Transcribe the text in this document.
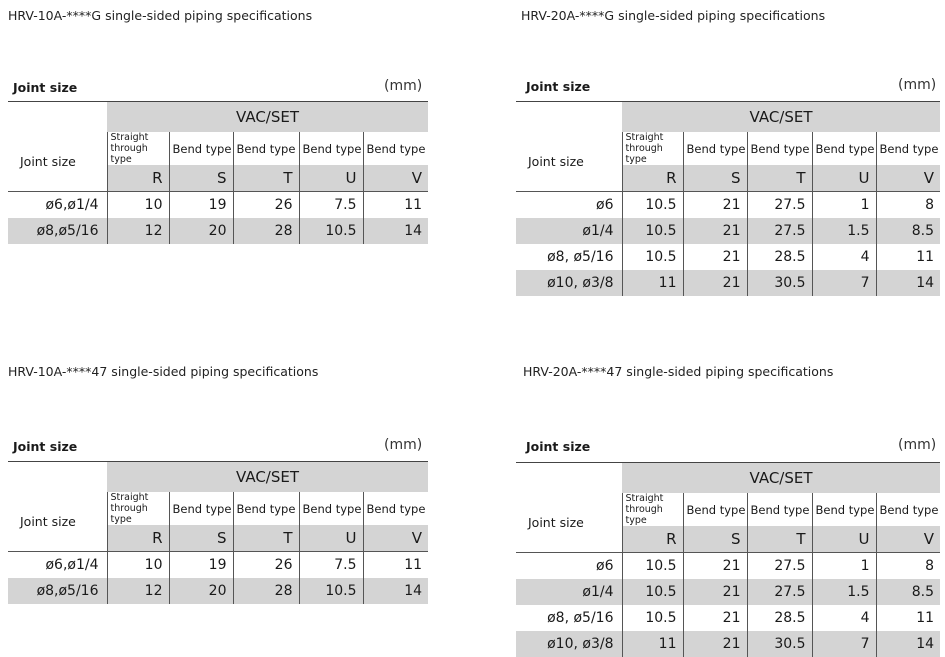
HRV-10A-****G single-sided piping specifications
Joint size	(mm)
	VAC/SET				
Joint size	Straight through type	Bend type	Bend type	Bend type	Bend type
	R	S	T	U	V
ø6,ø1/4	10	19	26	7.5	11
ø8,ø5/16	12	20	28	10.5	14
HRV-20A-****G single-sided piping specifications
Joint size	(mm)
	VAC/SET				
Joint size	Straight through type	Bend type	Bend type	Bend type	Bend type
	R	S	T	U	V
ø6	10.5	21	27.5	1	8
ø1/4	10.5	21	27.5	1.5	8.5
ø8, ø5/16	10.5	21	28.5	4	11
ø10, ø3/8	11	21	30.5	7	14
HRV-10A-****47 single-sided piping specifications
Joint size	(mm)
	VAC/SET				
Joint size	Straight through type	Bend type	Bend type	Bend type	Bend type
	R	S	T	U	V
ø6,ø1/4	10	19	26	7.5	11
ø8,ø5/16	12	20	28	10.5	14
HRV-20A-****47 single-sided piping specifications
Joint size	(mm)
	VAC/SET				
Joint size	Straight through type	Bend type	Bend type	Bend type	Bend type
	R	S	T	U	V
ø6	10.5	21	27.5	1	8
ø1/4	10.5	21	27.5	1.5	8.5
ø8, ø5/16	10.5	21	28.5	4	11
ø10, ø3/8	11	21	30.5	7	14
